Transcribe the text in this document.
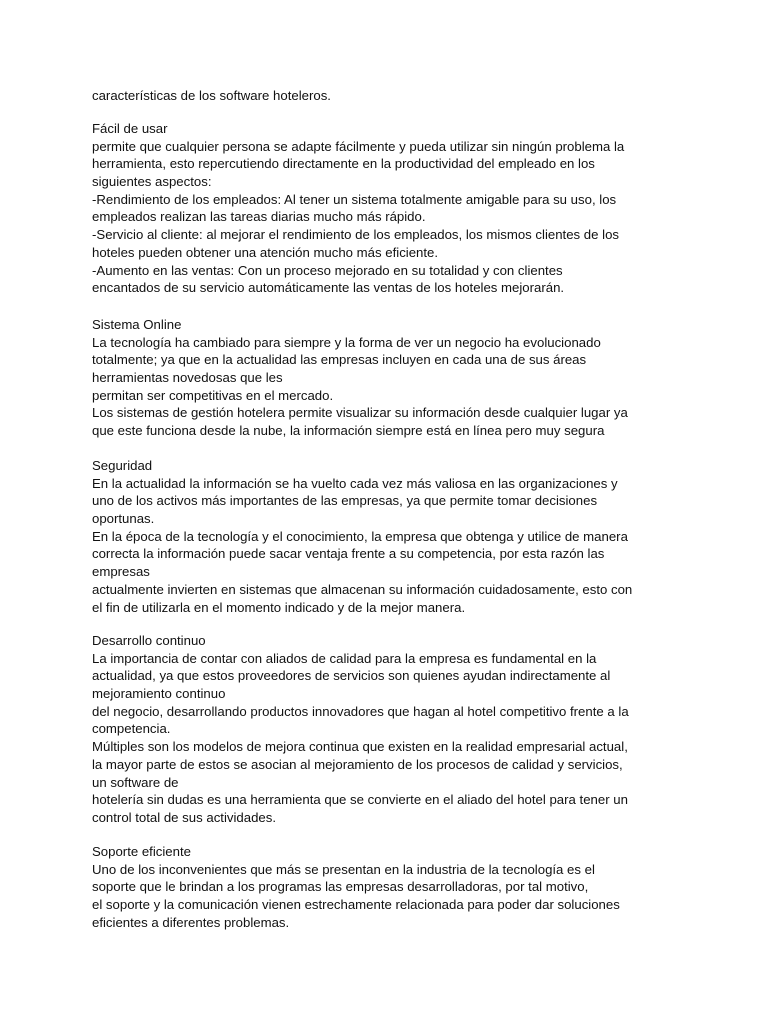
características de los software hoteleros.
Fácil de usar
permite que cualquier persona se adapte fácilmente y pueda utilizar sin ningún problema la
herramienta, esto repercutiendo directamente en la productividad del empleado en los
siguientes aspectos:
-Rendimiento de los empleados: Al tener un sistema totalmente amigable para su uso, los
empleados realizan las tareas diarias mucho más rápido.
-Servicio al cliente: al mejorar el rendimiento de los empleados, los mismos clientes de los
hoteles pueden obtener una atención mucho más eficiente.
-Aumento en las ventas: Con un proceso mejorado en su totalidad y con clientes
encantados de su servicio automáticamente las ventas de los hoteles mejorarán.
Sistema Online
La tecnología ha cambiado para siempre y la forma de ver un negocio ha evolucionado
totalmente; ya que en la actualidad las empresas incluyen en cada una de sus áreas
herramientas novedosas que les
permitan ser competitivas en el mercado.
Los sistemas de gestión hotelera permite visualizar su información desde cualquier lugar ya
que este funciona desde la nube, la información siempre está en línea pero muy segura
Seguridad
En la actualidad la información se ha vuelto cada vez más valiosa en las organizaciones y
uno de los activos más importantes de las empresas, ya que permite tomar decisiones
oportunas.
En la época de la tecnología y el conocimiento, la empresa que obtenga y utilice de manera
correcta la información puede sacar ventaja frente a su competencia, por esta razón las
empresas
actualmente invierten en sistemas que almacenan su información cuidadosamente, esto con
el fin de utilizarla en el momento indicado y de la mejor manera.
Desarrollo continuo
La importancia de contar con aliados de calidad para la empresa es fundamental en la
actualidad, ya que estos proveedores de servicios son quienes ayudan indirectamente al
mejoramiento continuo
del negocio, desarrollando productos innovadores que hagan al hotel competitivo frente a la
competencia.
Múltiples son los modelos de mejora continua que existen en la realidad empresarial actual,
la mayor parte de estos se asocian al mejoramiento de los procesos de calidad y servicios,
un software de
hotelería sin dudas es una herramienta que se convierte en el aliado del hotel para tener un
control total de sus actividades.
Soporte eficiente
Uno de los inconvenientes que más se presentan en la industria de la tecnología es el
soporte que le brindan a los programas las empresas desarrolladoras, por tal motivo,
el soporte y la comunicación vienen estrechamente relacionada para poder dar soluciones
eficientes a diferentes problemas.
